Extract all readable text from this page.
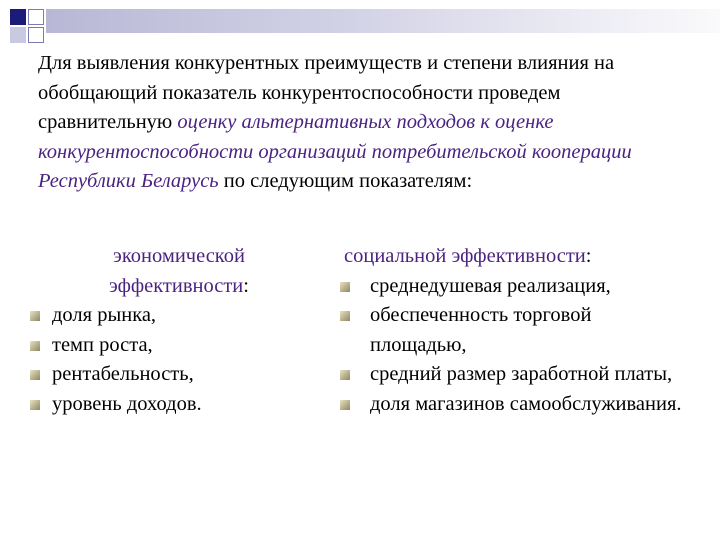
Для выявления конкурентных преимуществ и степени влияния на обобщающий показатель конкурентоспособности проведем сравнительную оценку альтернативных подходов к оценке конкурентоспособности организаций потребительской кооперации Республики Беларусь по следующим показателям:

экономической эффективности:
доля рынка,
темп роста,
рентабельность,
уровень доходов.
социальной эффективности:
среднедушевая реализация,
обеспеченность торговой площадью,
средний размер заработной платы,
доля магазинов самообслуживания.
